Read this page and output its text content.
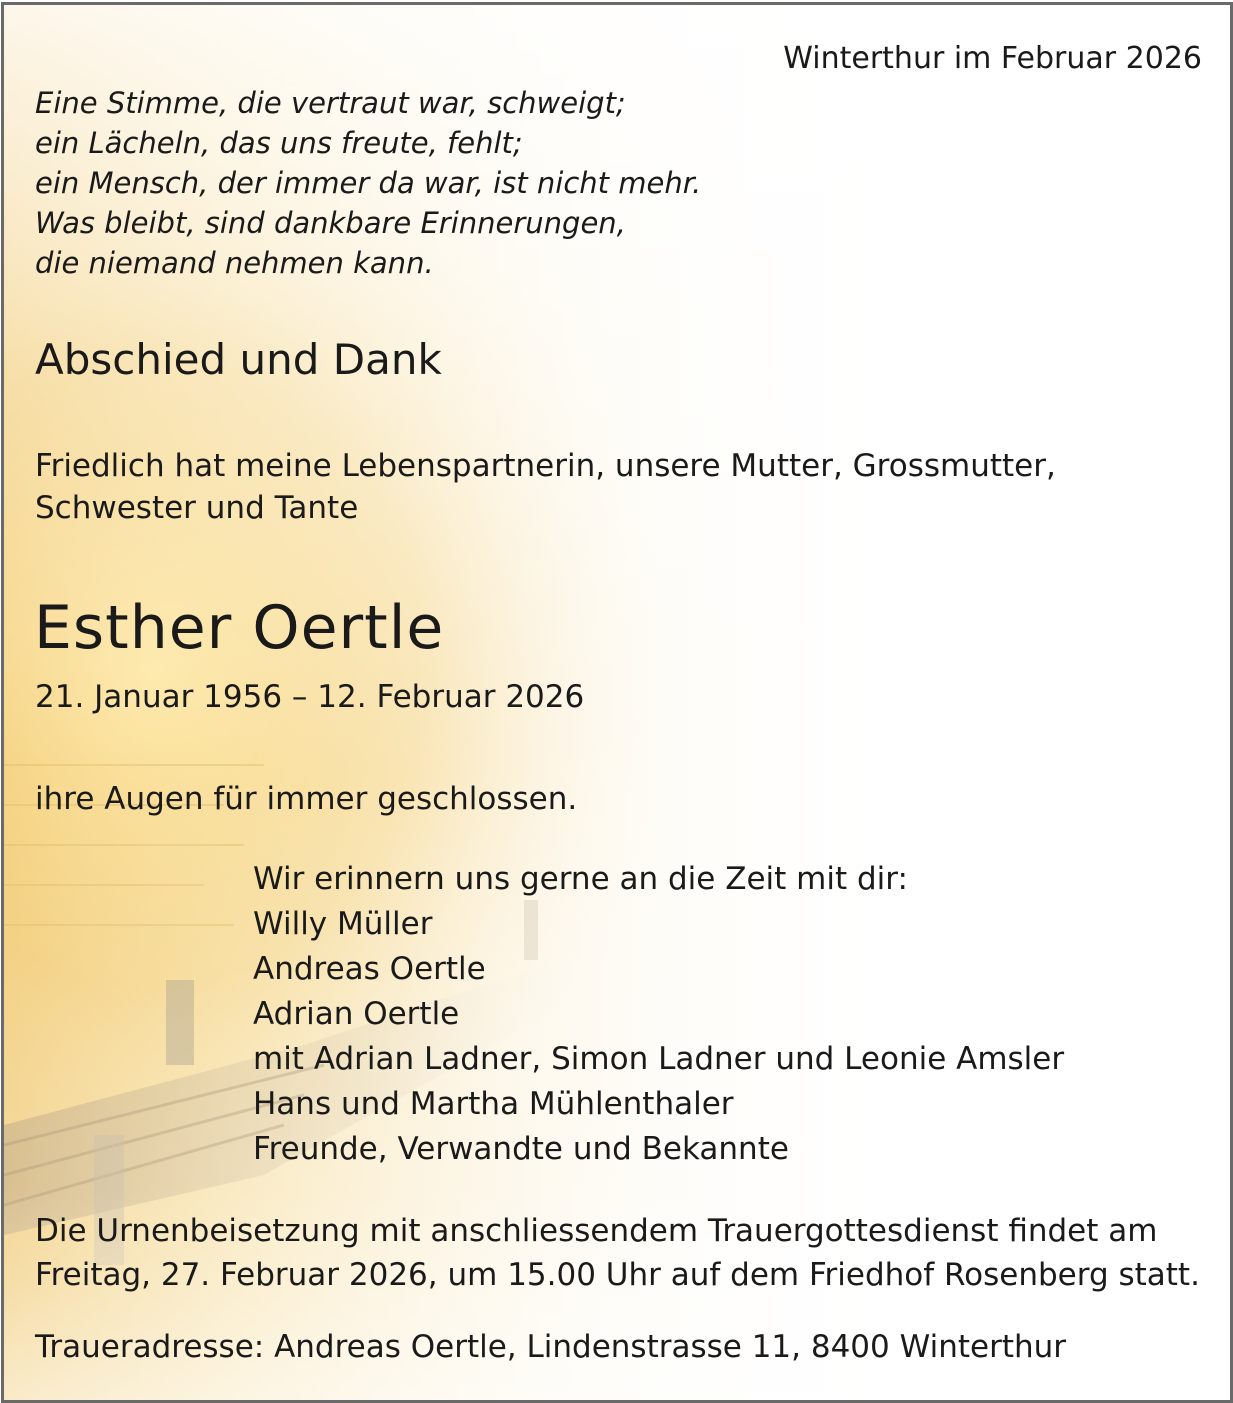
Winterthur im Februar 2026

Eine Stimme, die vertraut war, schweigt;
ein Lächeln, das uns freute, fehlt;
ein Mensch, der immer da war, ist nicht mehr.
Was bleibt, sind dankbare Erinnerungen,
die niemand nehmen kann.

Abschied und Dank

Friedlich hat meine Lebenspartnerin, unsere Mutter, Grossmutter,
Schwester und Tante

Esther Oertle

21. Januar 1956 – 12. Februar 2026

ihre Augen für immer geschlossen.

Wir erinnern uns gerne an die Zeit mit dir:
Willy Müller
Andreas Oertle
Adrian Oertle
mit Adrian Ladner, Simon Ladner und Leonie Amsler
Hans und Martha Mühlenthaler
Freunde, Verwandte und Bekannte
Die Urnenbeisetzung mit anschliessendem Trauergottesdienst findet am
Freitag, 27. Februar 2026, um 15.00 Uhr auf dem Friedhof Rosenberg statt.

Traueradresse: Andreas Oertle, Lindenstrasse 11, 8400 Winterthur
